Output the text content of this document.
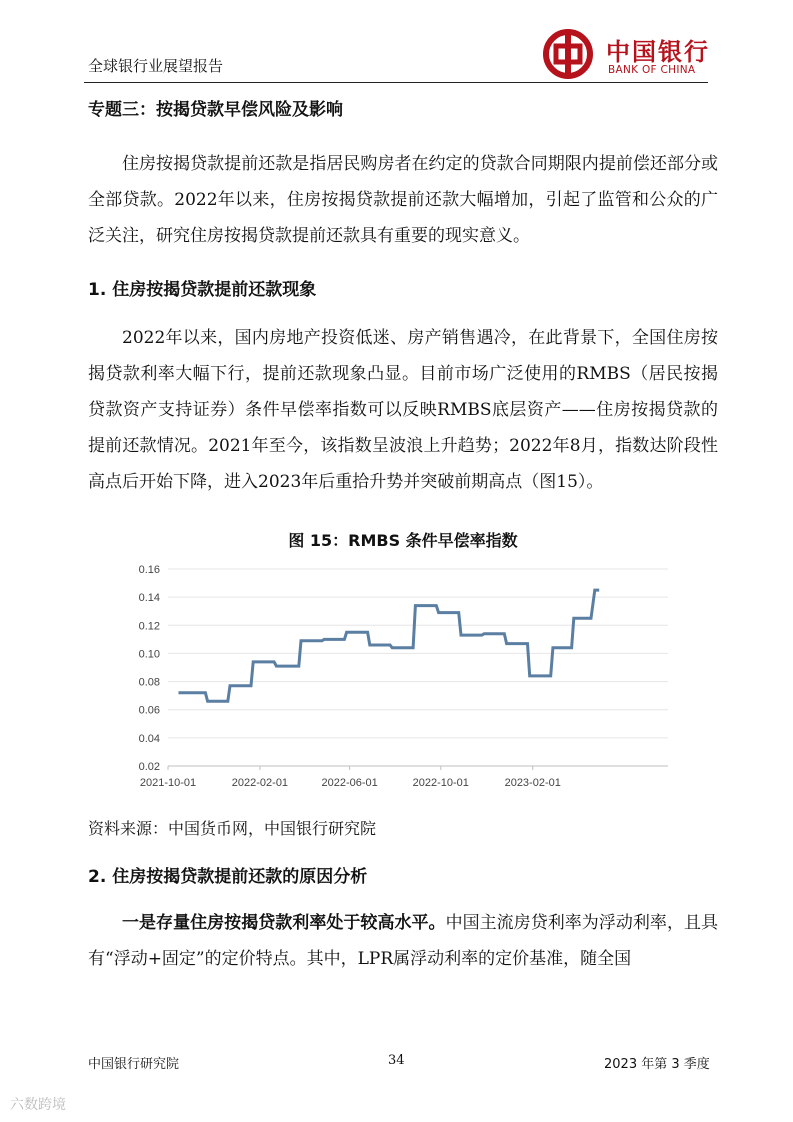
全球银行业展望报告	中国银行
BANK OF CHINA

专题三：按揭贷款早偿风险及影响

住房按揭贷款提前还款是指居民购房者在约定的贷款合同期限内提前偿还部分或全部贷款。2022年以来，住房按揭贷款提前还款大幅增加，引起了监管和公众的广泛关注，研究住房按揭贷款提前还款具有重要的现实意义。

1. 住房按揭贷款提前还款现象

2022年以来，国内房地产投资低迷、房产销售遇冷，在此背景下，全国住房按揭贷款利率大幅下行，提前还款现象凸显。目前市场广泛使用的RMBS（居民按揭贷款资产支持证券）条件早偿率指数可以反映RMBS底层资产——住房按揭贷款的提前还款情况。2021年至今，该指数呈波浪上升趋势；2022年8月，指数达阶段性高点后开始下降，进入2023年后重拾升势并突破前期高点（图15）。

图 15：RMBS 条件早偿率指数

0.16
0.14
0.12
0.10
0.08
0.06
0.04
0.02
2021-10-01	2022-02-01	2022-06-01	2022-10-01	2023-02-01

资料来源：中国货币网，中国银行研究院

2. 住房按揭贷款提前还款的原因分析

一是存量住房按揭贷款利率处于较高水平。中国主流房贷利率为浮动利率，且具有“浮动+固定”的定价特点。其中，LPR属浮动利率的定价基准，随全国

中国银行研究院	34	2023 年第 3 季度
六数跨境
